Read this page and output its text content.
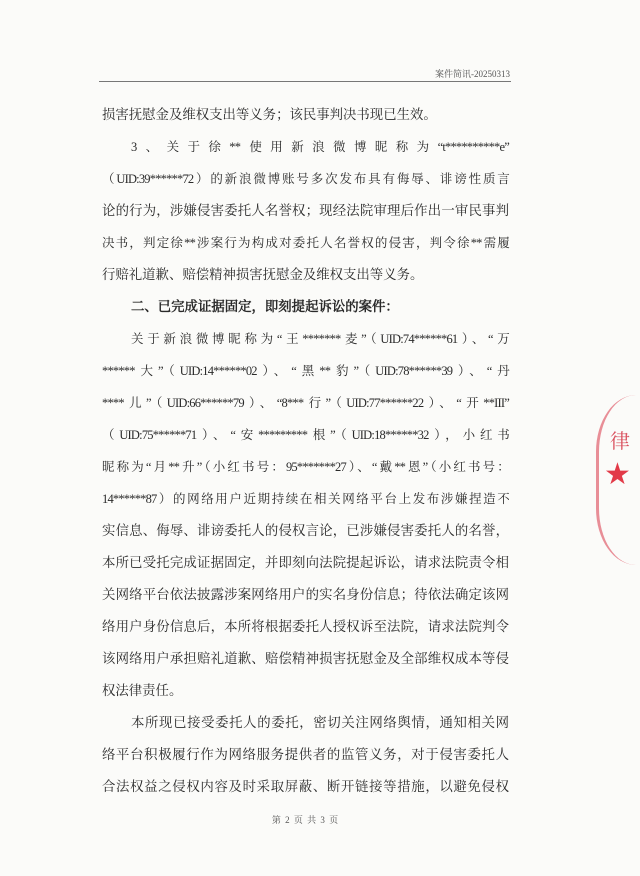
案件简讯-20250313
损害抚慰金及维权支出等义务；该民事判决书现已生效。
3、关于徐**使用新浪微博昵称为“t**********e”
（UID:39******72）的新浪微博账号多次发布具有侮辱、诽谤性质言
论的行为，涉嫌侵害委托人名誉权；现经法院审理后作出一审民事判
决书，判定徐**涉案行为构成对委托人名誉权的侵害，判令徐**需履
行赔礼道歉、赔偿精神损害抚慰金及维权支出等义务。
二、已完成证据固定，即刻提起诉讼的案件：
关于新浪微博昵称为“王*******麦”（UID:74******61）、“万
******大”（UID:14******02）、“黑**豹”（UID:78******39）、“丹
****儿”（UID:66******79）、“8***行”（UID:77******22）、“开**III”
（UID:75******71）、“安*********根”（UID:18******32），小红书
昵称为“月**升”（小红书号：95*******27）、“戴**恩”（小红书号：
14******87）的网络用户近期持续在相关网络平台上发布涉嫌捏造不
实信息、侮辱、诽谤委托人的侵权言论，已涉嫌侵害委托人的名誉，
本所已受托完成证据固定，并即刻向法院提起诉讼，请求法院责令相
关网络平台依法披露涉案网络用户的实名身份信息；待依法确定该网
络用户身份信息后，本所将根据委托人授权诉至法院，请求法院判令
该网络用户承担赔礼道歉、赔偿精神损害抚慰金及全部维权成本等侵
权法律责任。
本所现已接受委托人的委托，密切关注网络舆情，通知相关网
络平台积极履行作为网络服务提供者的监管义务，对于侵害委托人
合法权益之侵权内容及时采取屏蔽、断开链接等措施，以避免侵权
第 2 页 共 3 页
律
★
